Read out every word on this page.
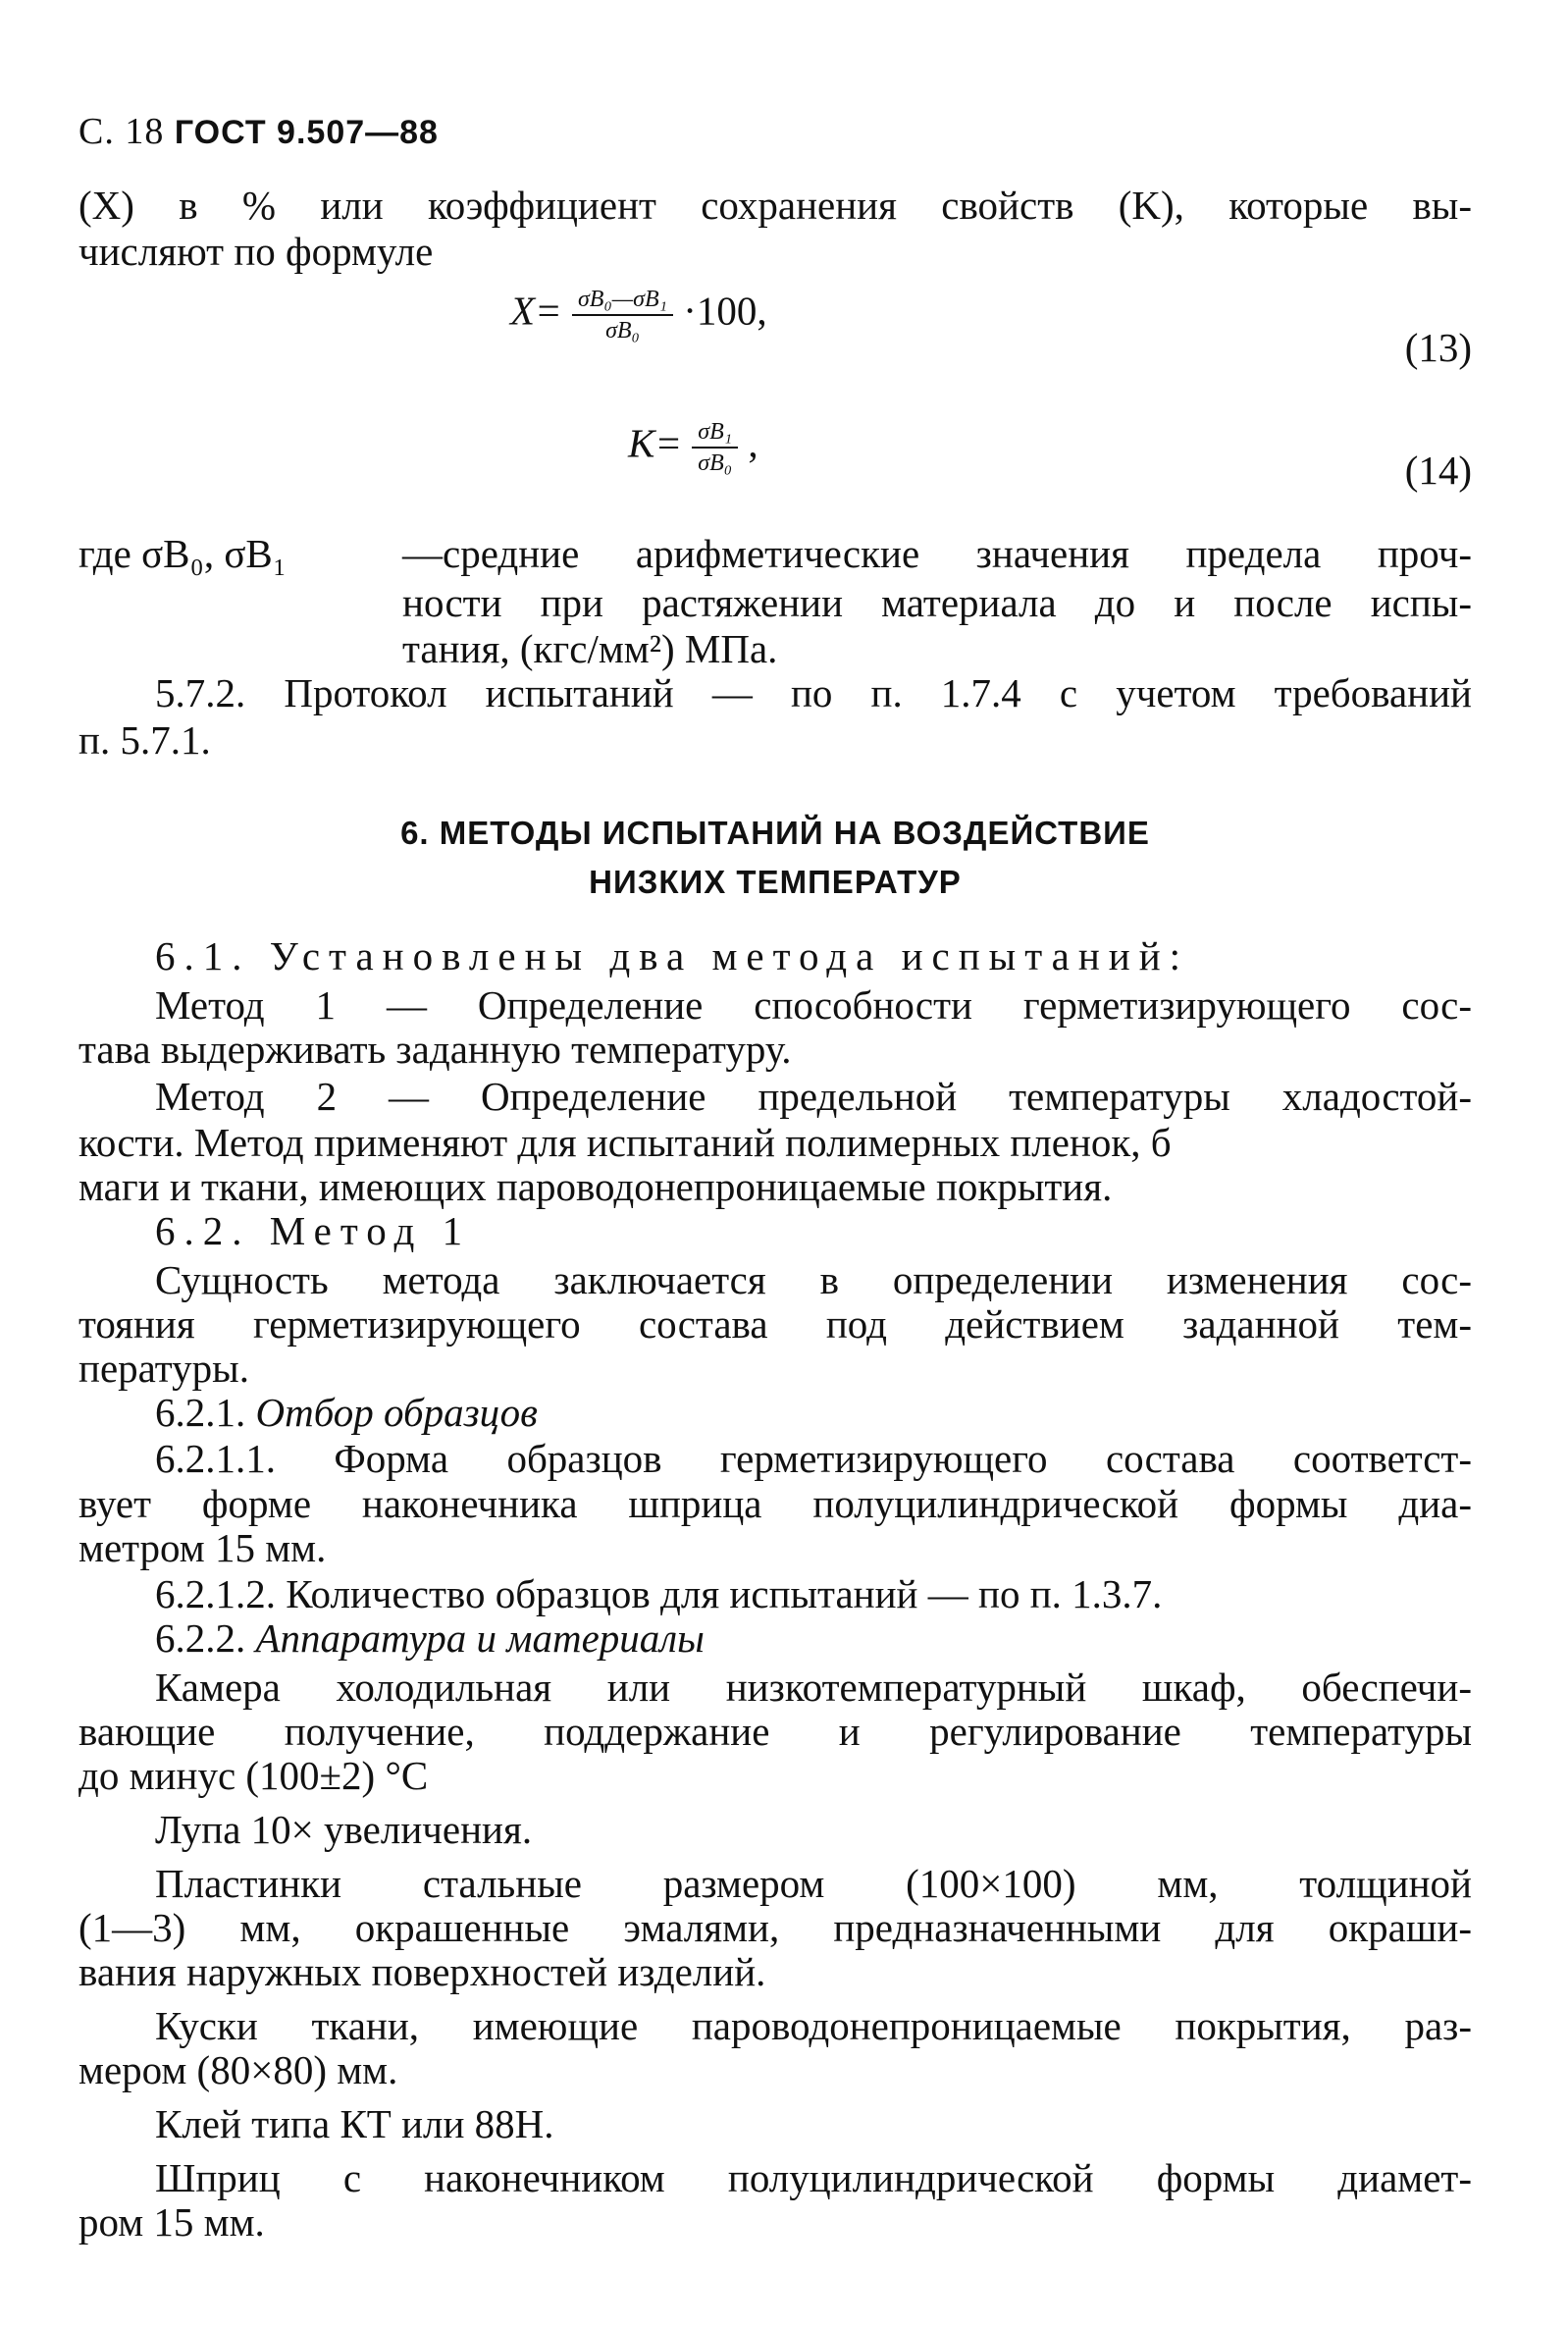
С. 18 ГОСТ 9.507—88
(X) в % или коэффициент сохранения свойств (K), которые вы-
числяют по формуле
$X= \frac{\text{σB₀—σB₁}}{\text{σB₀}} \cdot 100$,
(13)
$K= \frac{\text{σB₁}}{\text{σB₀}}$ ,
(14)
где σB₀, σB₁	—средние арифметические значения предела проч-
ности при растяжении материала до и после испы-
тания, (кгс/мм²) МПа.
5.7.2. Протокол испытаний — по п. 1.7.4 с учетом требований
п. 5.7.1.
6. МЕТОДЫ ИСПЫТАНИЙ НА ВОЗДЕЙСТВИЕ
НИЗКИХ ТЕМПЕРАТУР
6.1. Установлены два метода испытаний:
Метод 1 — Определение способности герметизирующего сос-
тава выдерживать заданную температуру.
Метод 2 — Определение предельной температуры хладостой-
кости. Метод применяют для испытаний полимерных пленок, б
маги и ткани, имеющих пароводонепроницаемые покрытия.
6.2. Метод 1
Сущность метода заключается в определении изменения сос-
тояния герметизирующего состава под действием заданной тем-
пературы.
6.2.1. Отбор образцов
6.2.1.1. Форма образцов герметизирующего состава соответст-
вует форме наконечника шприца полуцилиндрической формы диа-
метром 15 мм.
6.2.1.2. Количество образцов для испытаний — по п. 1.3.7.
6.2.2. Аппаратура и материалы
Камера холодильная или низкотемпературный шкаф, обеспечи-
вающие получение, поддержание и регулирование температуры
до минус (100±2) °С
Лупа 10× увеличения.
Пластинки стальные размером (100×100) мм, толщиной
(1—3) мм, окрашенные эмалями, предназначенными для окраши-
вания наружных поверхностей изделий.
Куски ткани, имеющие пароводонепроницаемые покрытия, раз-
мером (80×80) мм.
Клей типа КТ или 88Н.
Шприц с наконечником полуцилиндрической формы диамет-
ром 15 мм.
